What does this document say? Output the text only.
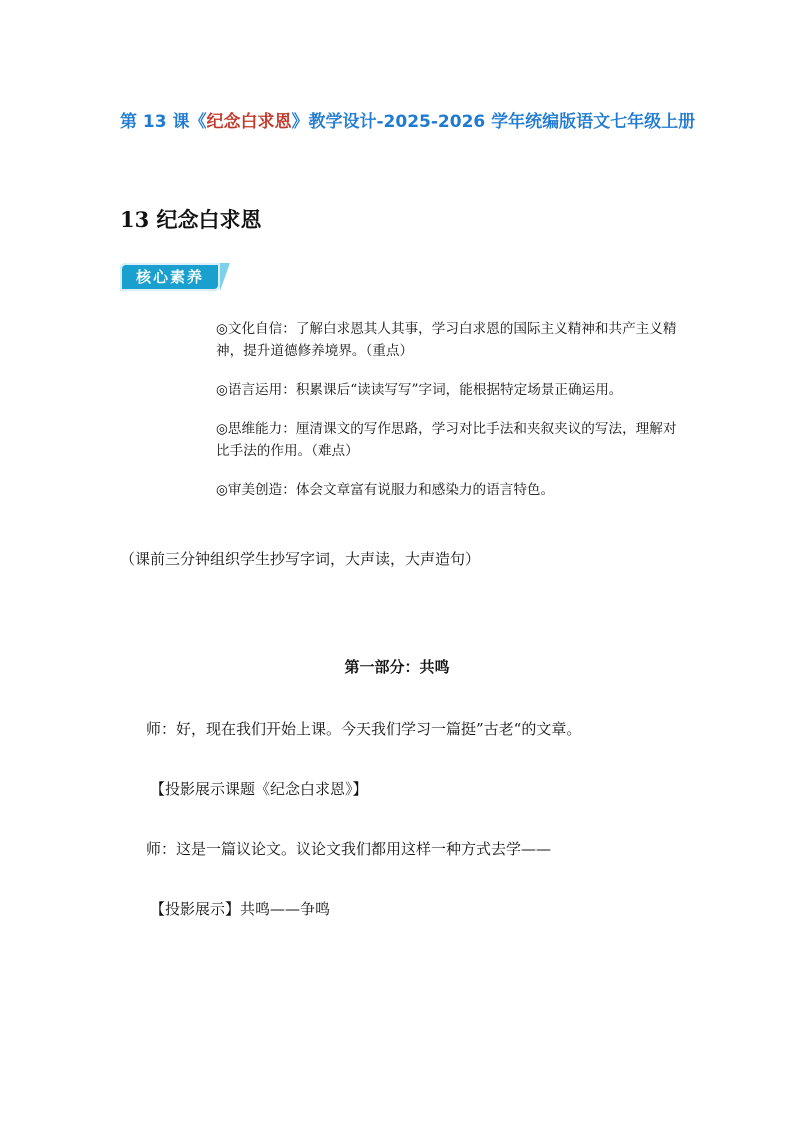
第 13 课《纪念白求恩》教学设计-2025-2026 学年统编版语文七年级上册
13 纪念白求恩
核心素养
◎文化自信：了解白求恩其人其事，学习白求恩的国际主义精神和共产主义精神，提升道德修养境界。（重点）
◎语言运用：积累课后“读读写写”字词，能根据特定场景正确运用。
◎思维能力：厘清课文的写作思路，学习对比手法和夹叙夹议的写法，理解对比手法的作用。（难点）
◎审美创造：体会文章富有说服力和感染力的语言特色。

（课前三分钟组织学生抄写字词，大声读，大声造句）

第一部分：共鸣

师：好，现在我们开始上课。今天我们学习一篇挺”古老“的文章。

【投影展示课题《纪念白求恩》】

师：这是一篇议论文。议论文我们都用这样一种方式去学——

【投影展示】共鸣——争鸣
